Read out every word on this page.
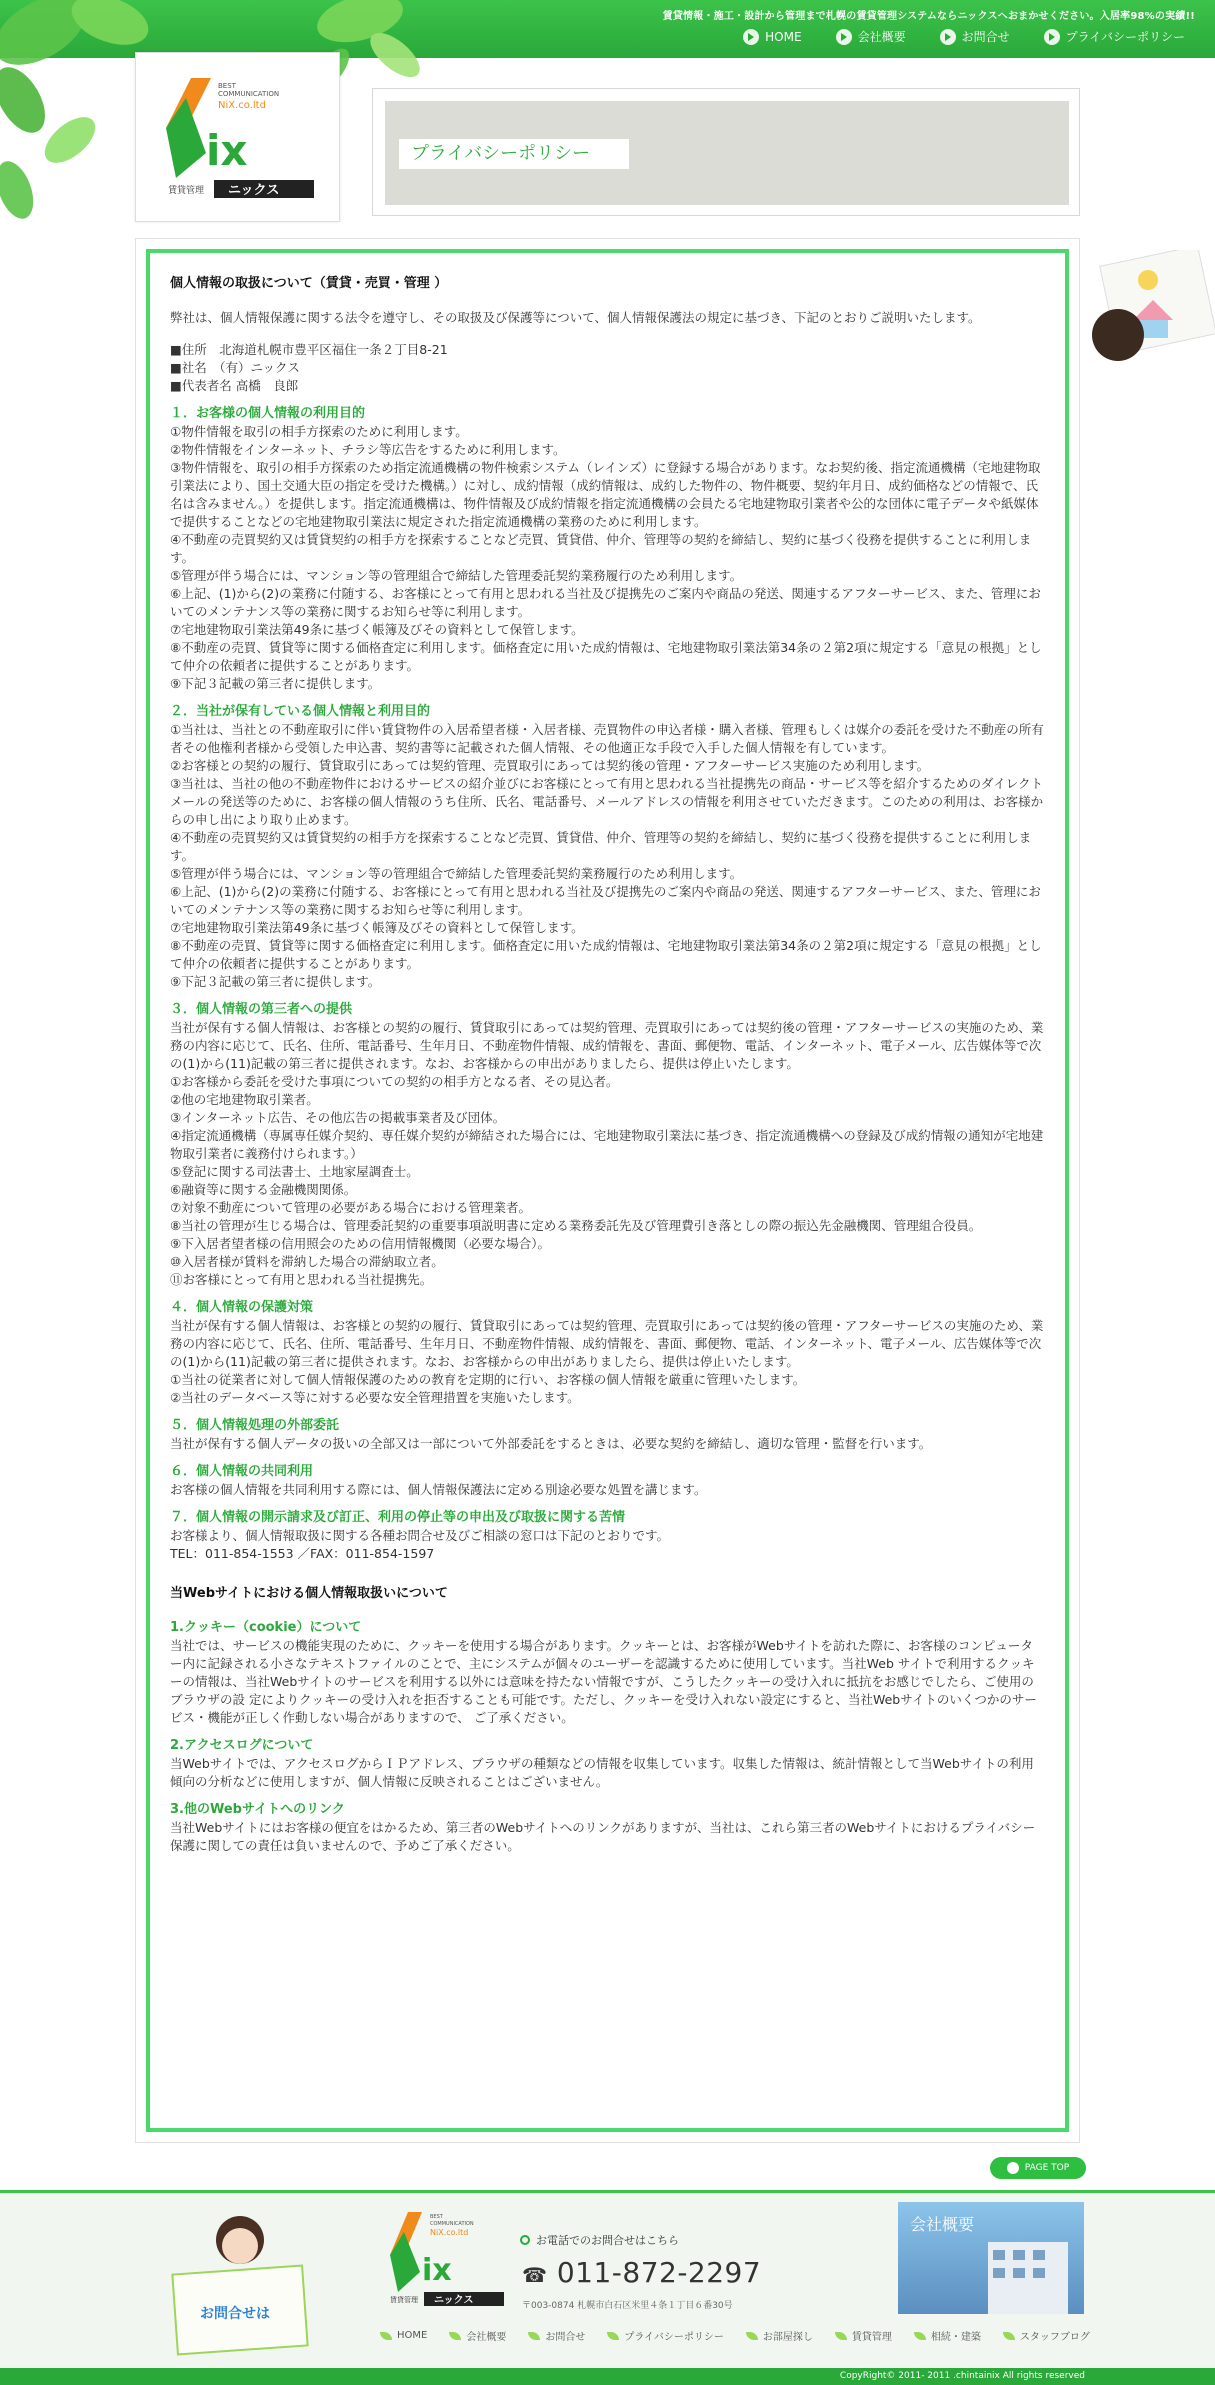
賃貸情報・施工・設計から管理まで札幌の賃貸管理システムならニックスへおまかせください。入居率98%の実績!!
HOME	会社概要	お問合せ	プライバシーポリシー
BEST
COMMUNICATION
NiX.co.ltd
ix
賃貸管理 ニックス
プライバシーポリシー
個人情報の取扱について（賃貸・売買・管理 ）

弊社は、個人情報保護に関する法令を遵守し、その取扱及び保護等について、個人情報保護法の規定に基づき、下記のとおりご説明いたします。

■住所　北海道札幌市豊平区福住一条２丁目8-21

■社名　（有）ニックス

■代表者名 高橋　良郎

１．お客様の個人情報の利用目的

①物件情報を取引の相手方探索のために利用します。

②物件情報をインターネット、チラシ等広告をするために利用します。

③物件情報を、取引の相手方探索のため指定流通機構の物件検索システム（レインズ）に登録する場合があります。なお契約後、指定流通機構（宅地建物取引業法により、国土交通大臣の指定を受けた機構。）に対し、成約情報（成約情報は、成約した物件の、物件概要、契約年月日、成約価格などの情報で、氏名は含みません。）を提供します。指定流通機構は、物件情報及び成約情報を指定流通機構の会員たる宅地建物取引業者や公的な団体に電子データや紙媒体で提供することなどの宅地建物取引業法に規定された指定流通機構の業務のために利用します。

④不動産の売買契約又は賃貸契約の相手方を探索することなど売買、賃貸借、仲介、管理等の契約を締結し、契約に基づく役務を提供することに利用します。

⑤管理が伴う場合には、マンション等の管理組合で締結した管理委託契約業務履行のため利用します。

⑥上記、(1)から(2)の業務に付随する、お客様にとって有用と思われる当社及び提携先のご案内や商品の発送、関連するアフターサービス、また、管理においてのメンテナンス等の業務に関するお知らせ等に利用します。

⑦宅地建物取引業法第49条に基づく帳簿及びその資料として保管します。

⑧不動産の売買、賃貸等に関する価格査定に利用します。価格査定に用いた成約情報は、宅地建物取引業法第34条の２第2項に規定する「意見の根拠」として仲介の依頼者に提供することがあります。

⑨下記３記載の第三者に提供します。

２．当社が保有している個人情報と利用目的

①当社は、当社との不動産取引に伴い賃貸物件の入居希望者様・入居者様、売買物件の申込者様・購入者様、管理もしくは媒介の委託を受けた不動産の所有者その他権利者様から受領した申込書、契約書等に記載された個人情報、その他適正な手段で入手した個人情報を有しています。

②お客様との契約の履行、賃貸取引にあっては契約管理、売買取引にあっては契約後の管理・アフターサービス実施のため利用します。

③当社は、当社の他の不動産物件におけるサービスの紹介並びにお客様にとって有用と思われる当社提携先の商品・サービス等を紹介するためのダイレクトメールの発送等のために、お客様の個人情報のうち住所、氏名、電話番号、メールアドレスの情報を利用させていただきます。このための利用は、お客様からの申し出により取り止めます。

④不動産の売買契約又は賃貸契約の相手方を探索することなど売買、賃貸借、仲介、管理等の契約を締結し、契約に基づく役務を提供することに利用します。

⑤管理が伴う場合には、マンション等の管理組合で締結した管理委託契約業務履行のため利用します。

⑥上記、(1)から(2)の業務に付随する、お客様にとって有用と思われる当社及び提携先のご案内や商品の発送、関連するアフターサービス、また、管理においてのメンテナンス等の業務に関するお知らせ等に利用します。

⑦宅地建物取引業法第49条に基づく帳簿及びその資料として保管します。

⑧不動産の売買、賃貸等に関する価格査定に利用します。価格査定に用いた成約情報は、宅地建物取引業法第34条の２第2項に規定する「意見の根拠」として仲介の依頼者に提供することがあります。

⑨下記３記載の第三者に提供します。

３．個人情報の第三者への提供

当社が保有する個人情報は、お客様との契約の履行、賃貸取引にあっては契約管理、売買取引にあっては契約後の管理・アフターサービスの実施のため、業務の内容に応じて、氏名、住所、電話番号、生年月日、不動産物件情報、成約情報を、書面、郵便物、電話、インターネット、電子メール、広告媒体等で次の(1)から(11)記載の第三者に提供されます。なお、お客様からの申出がありましたら、提供は停止いたします。

①お客様から委託を受けた事項についての契約の相手方となる者、その見込者。

②他の宅地建物取引業者。

③インターネット広告、その他広告の掲載事業者及び団体。

④指定流通機構（専属専任媒介契約、専任媒介契約が締結された場合には、宅地建物取引業法に基づき、指定流通機構への登録及び成約情報の通知が宅地建物取引業者に義務付けられます。）

⑤登記に関する司法書士、土地家屋調査士。

⑥融資等に関する金融機関関係。

⑦対象不動産について管理の必要がある場合における管理業者。

⑧当社の管理が生じる場合は、管理委託契約の重要事項説明書に定める業務委託先及び管理費引き落としの際の振込先金融機関、管理組合役員。

⑨下入居者望者様の信用照会のための信用情報機関（必要な場合）。

⑩入居者様が賃料を滞納した場合の滞納取立者。

⑪お客様にとって有用と思われる当社提携先。

４．個人情報の保護対策

当社が保有する個人情報は、お客様との契約の履行、賃貸取引にあっては契約管理、売買取引にあっては契約後の管理・アフターサービスの実施のため、業務の内容に応じて、氏名、住所、電話番号、生年月日、不動産物件情報、成約情報を、書面、郵便物、電話、インターネット、電子メール、広告媒体等で次の(1)から(11)記載の第三者に提供されます。なお、お客様からの申出がありましたら、提供は停止いたします。

①当社の従業者に対して個人情報保護のための教育を定期的に行い、お客様の個人情報を厳重に管理いたします。

②当社のデータベース等に対する必要な安全管理措置を実施いたします。

５．個人情報処理の外部委託

当社が保有する個人データの扱いの全部又は一部について外部委託をするときは、必要な契約を締結し、適切な管理・監督を行います。

６．個人情報の共同利用

お客様の個人情報を共同利用する際には、個人情報保護法に定める別途必要な処置を講じます。

７．個人情報の開示請求及び訂正、利用の停止等の申出及び取扱に関する苦情

お客様より、個人情報取扱に関する各種お問合せ及びご相談の窓口は下記のとおりです。

TEL：011-854-1553 ／FAX：011-854-1597

当Webサイトにおける個人情報取扱いについて
1.クッキー（cookie）について

当社では、サービスの機能実現のために、クッキーを使用する場合があります。クッキーとは、お客様がWebサイトを訪れた際に、お客様のコンピューター内に記録される小さなテキストファイルのことで、主にシステムが個々のユーザーを認識するために使用しています。当社Web サイトで利用するクッキーの情報は、当社Webサイトのサービスを利用する以外には意味を持たない情報ですが、こうしたクッキーの受け入れに抵抗をお感じでしたら、ご使用のブラウザの設 定によりクッキーの受け入れを拒否することも可能です。ただし、クッキーを受け入れない設定にすると、当社Webサイトのいくつかのサービス・機能が正しく作動しない場合がありますので、 ご了承ください。

2.アクセスログについて

当Webサイトでは、アクセスログからＩＰアドレス、ブラウザの種類などの情報を収集しています。収集した情報は、統計情報として当Webサイトの利用傾向の分析などに使用しますが、個人情報に反映されることはございません。

3.他のWebサイトへのリンク

当社Webサイトにはお客様の便宜をはかるため、第三者のWebサイトへのリンクがありますが、当社は、これら第三者のWebサイトにおけるプライバシー保護に関しての責任は負いませんので、予めご了承ください。

PAGE TOP
お問合せは
BEST
COMMUNICATION
NiX.co.ltd
ix
賃貸管理 ニックス
お電話でのお問合せはこちら
☎ 011-872-2297
〒003-0874 札幌市白石区米里４条１丁目６番30号
会社概要
HOME	会社概要	お問合せ	プライバシーポリシー	お部屋探し	賃貸管理	相続・建築	スタッフブログ
CopyRight© 2011- 2011 .chintainix All rights reserved
